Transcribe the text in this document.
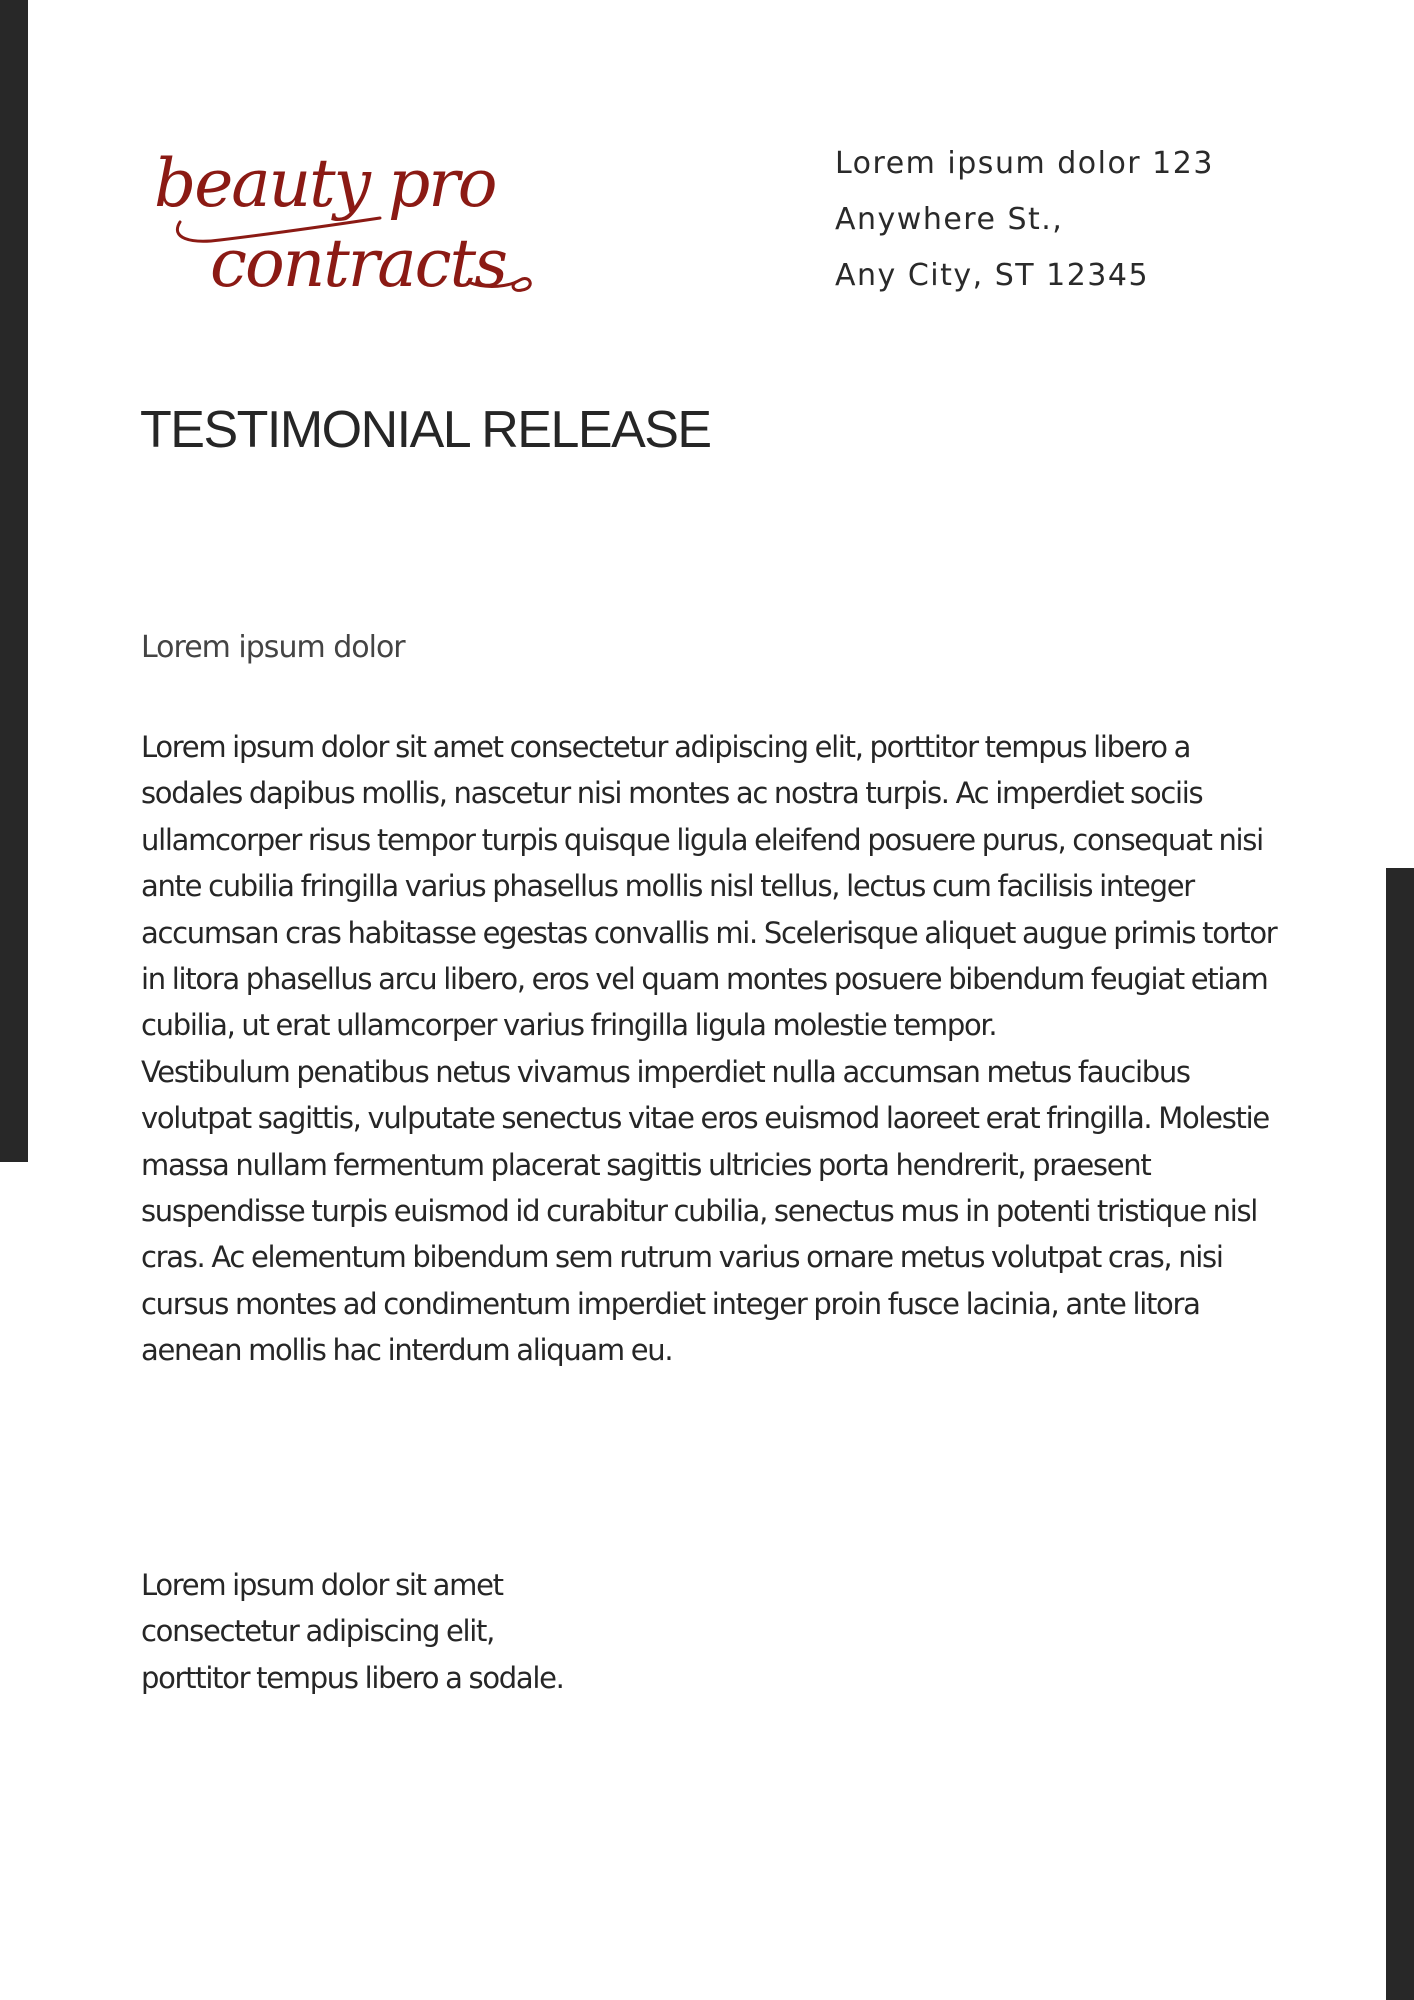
beauty pro
contracts
Lorem ipsum dolor 123
Anywhere St.,
Any City, ST 12345
TESTIMONIAL RELEASE
Lorem ipsum dolor

Lorem ipsum dolor sit amet consectetur adipiscing elit, porttitor tempus libero a sodales dapibus mollis, nascetur nisi montes ac nostra turpis. Ac imperdiet sociis ullamcorper risus tempor turpis quisque ligula eleifend posuere purus, consequat nisi ante cubilia fringilla varius phasellus mollis nisl tellus, lectus cum facilisis integer accumsan cras habitasse egestas convallis mi. Scelerisque aliquet augue primis tortor in litora phasellus arcu libero, eros vel quam montes posuere bibendum feugiat etiam cubilia, ut erat ullamcorper varius fringilla ligula molestie tempor.

Vestibulum penatibus netus vivamus imperdiet nulla accumsan metus faucibus volutpat sagittis, vulputate senectus vitae eros euismod laoreet erat fringilla. Molestie massa nullam fermentum placerat sagittis ultricies porta hendrerit, praesent suspendisse turpis euismod id curabitur cubilia, senectus mus in potenti tristique nisl cras. Ac elementum bibendum sem rutrum varius ornare metus volutpat cras, nisi cursus montes ad condimentum imperdiet integer proin fusce lacinia, ante litora aenean mollis hac interdum aliquam eu.

Lorem ipsum dolor sit amet consectetur adipiscing elit, porttitor tempus libero a sodale.
